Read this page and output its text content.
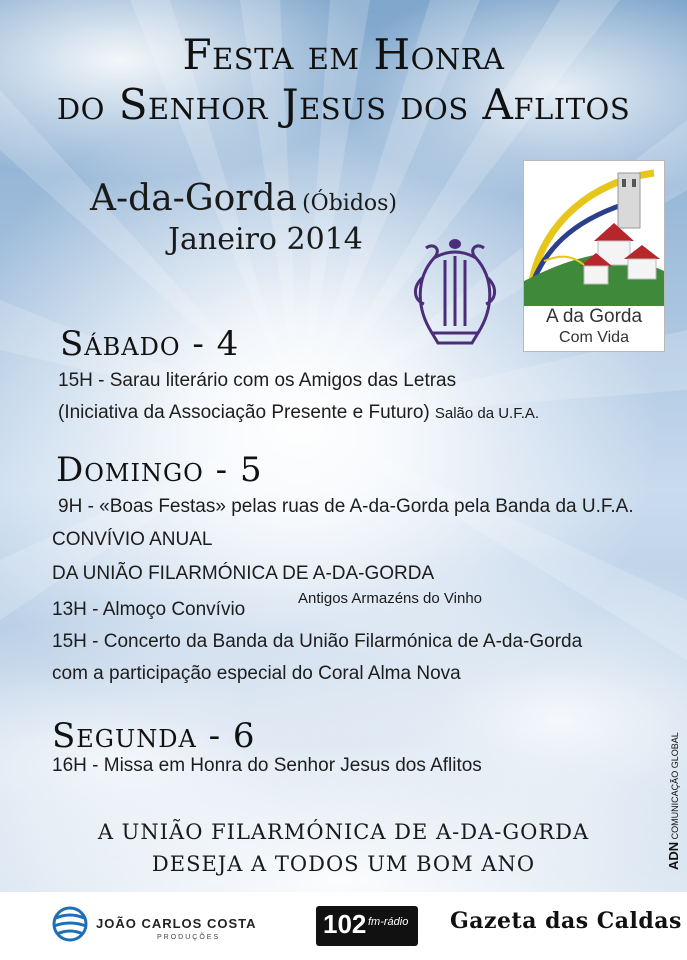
Festa em Honra
do Senhor Jesus dos Aflitos
A-da-Gorda (Óbidos)
Janeiro 2014
A da Gorda
Com Vida
Sábado - 4
15H - Sarau literário com os Amigos das Letras
(Iniciativa da Associação Presente e Futuro) Salão da U.F.A.
Domingo - 5
9H - «Boas Festas» pelas ruas de A-da-Gorda pela Banda da U.F.A.
CONVÍVIO ANUAL
DA UNIÃO FILARMÓNICA DE A-DA-GORDA
Antigos Armazéns do Vinho
13H - Almoço Convívio
15H - Concerto da Banda da União Filarmónica de A-da-Gorda
com a participação especial do Coral Alma Nova
Segunda - 6
16H - Missa em Honra do Senhor Jesus dos Aflitos
A UNIÃO FILARMÓNICA DE A-DA-GORDA
DESEJA A TODOS UM BOM ANO	ADN COMUNICAÇÃO GLOBAL
JOÃO CARLOS COSTA
PRODUÇÕES	102 fm-rádio Gazeta das Caldas
